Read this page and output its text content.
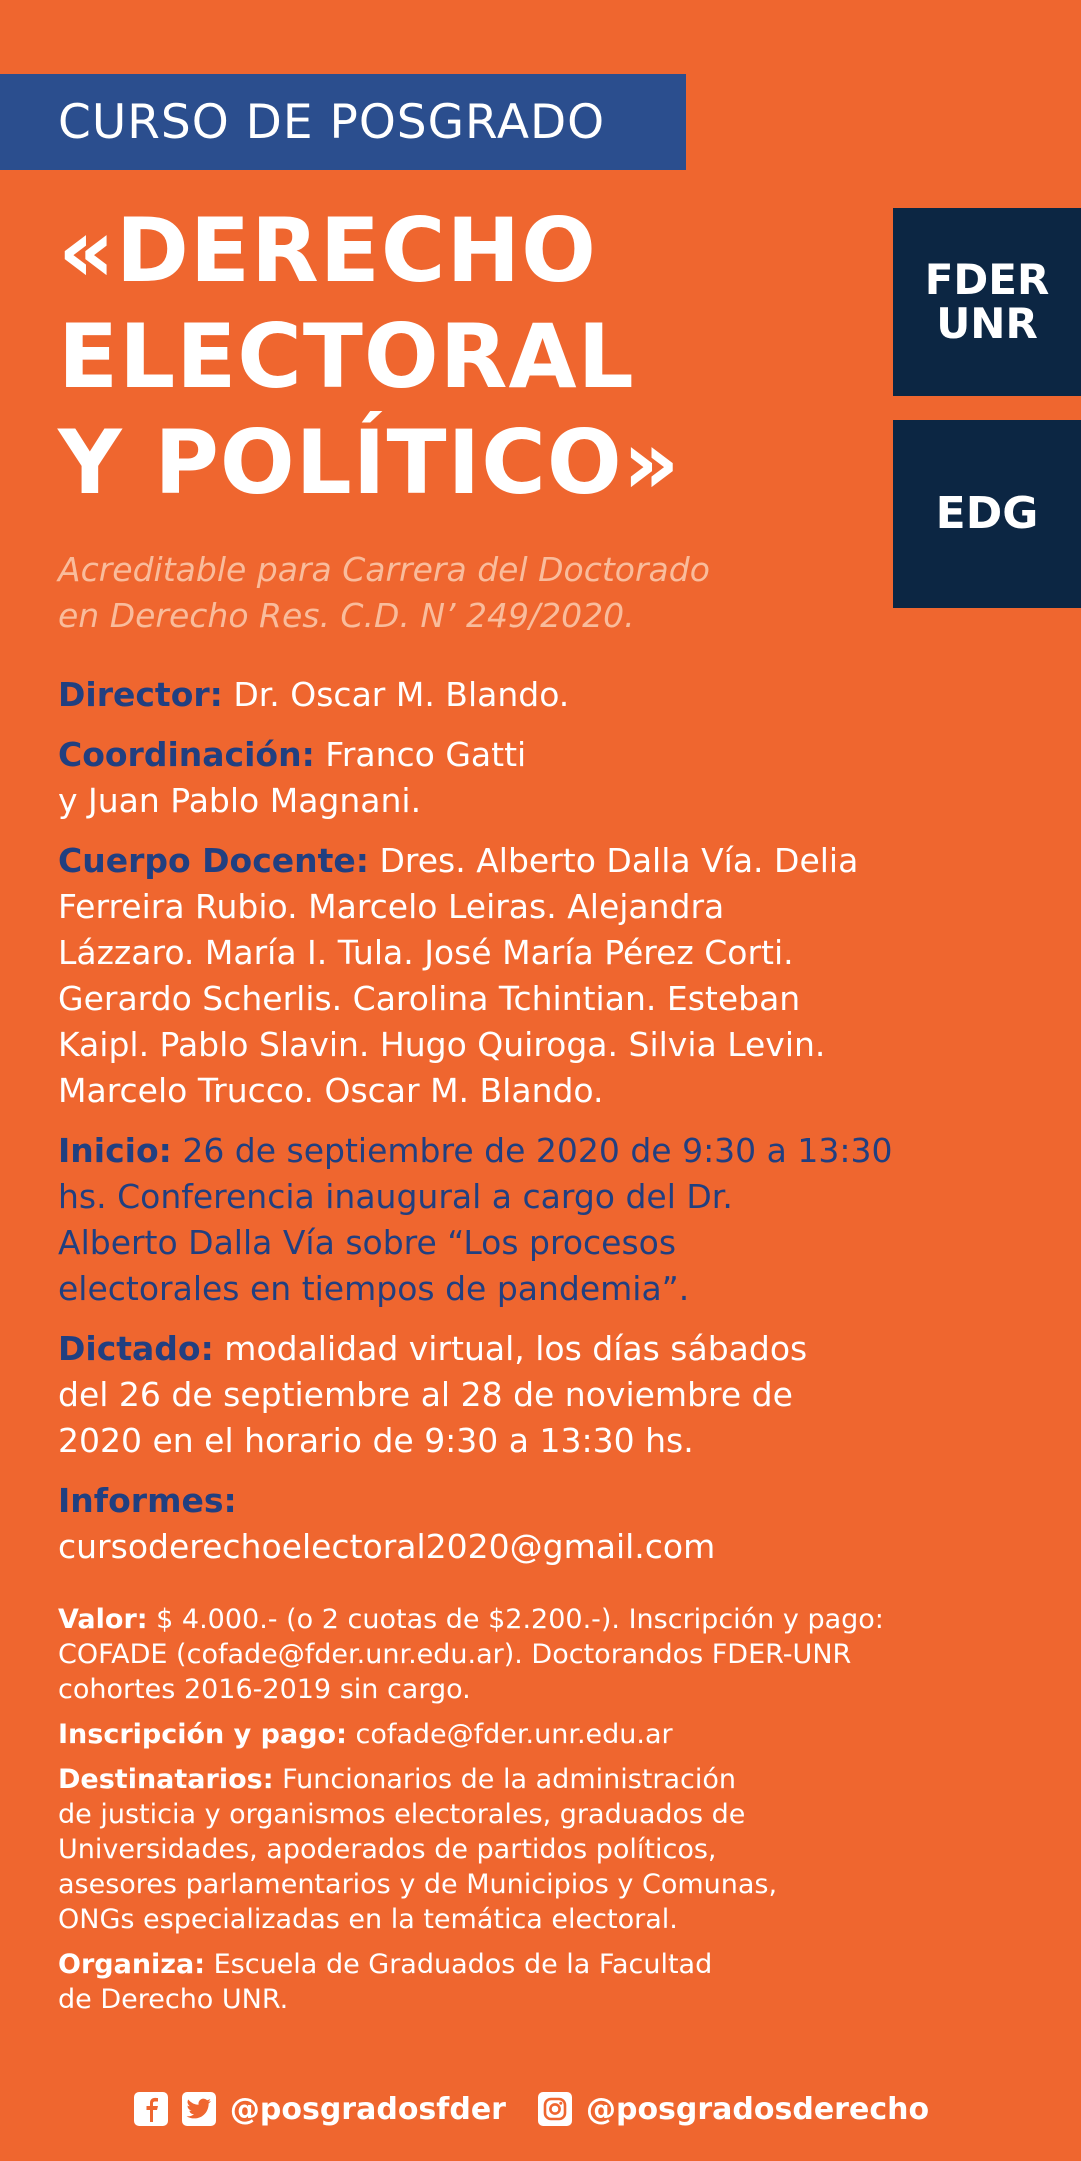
CURSO DE POSGRADO
«DERECHO
ELECTORAL
Y POLÍTICO»
FDER
UNR
EDG
Acreditable para Carrera del Doctorado
en Derecho Res. C.D. N’ 249/2020.
Director: Dr. Oscar M. Blando.
Coordinación: Franco Gatti
y Juan Pablo Magnani.
Cuerpo Docente: Dres. Alberto Dalla Vía. Delia
Ferreira Rubio. Marcelo Leiras. Alejandra
Lázzaro. María I. Tula. José María Pérez Corti.
Gerardo Scherlis. Carolina Tchintian. Esteban
Kaipl. Pablo Slavin. Hugo Quiroga. Silvia Levin.
Marcelo Trucco. Oscar M. Blando.
Inicio: 26 de septiembre de 2020 de 9:30 a 13:30
hs. Conferencia inaugural a cargo del Dr.
Alberto Dalla Vía sobre “Los procesos
electorales en tiempos de pandemia”.
Dictado: modalidad virtual, los días sábados
del 26 de septiembre al 28 de noviembre de
2020 en el horario de 9:30 a 13:30 hs.
Informes:
cursoderechoelectoral2020@gmail.com
Valor: $ 4.000.- (o 2 cuotas de $2.200.-). Inscripción y pago:
COFADE (cofade@fder.unr.edu.ar). Doctorandos FDER-UNR
cohortes 2016-2019 sin cargo.
Inscripción y pago: cofade@fder.unr.edu.ar
Destinatarios: Funcionarios de la administración
de justicia y organismos electorales, graduados de
Universidades, apoderados de partidos políticos,
asesores parlamentarios y de Municipios y Comunas,
ONGs especializadas en la temática electoral.
Organiza: Escuela de Graduados de la Facultad
de Derecho UNR.
@posgradosfder	@posgradosderecho
